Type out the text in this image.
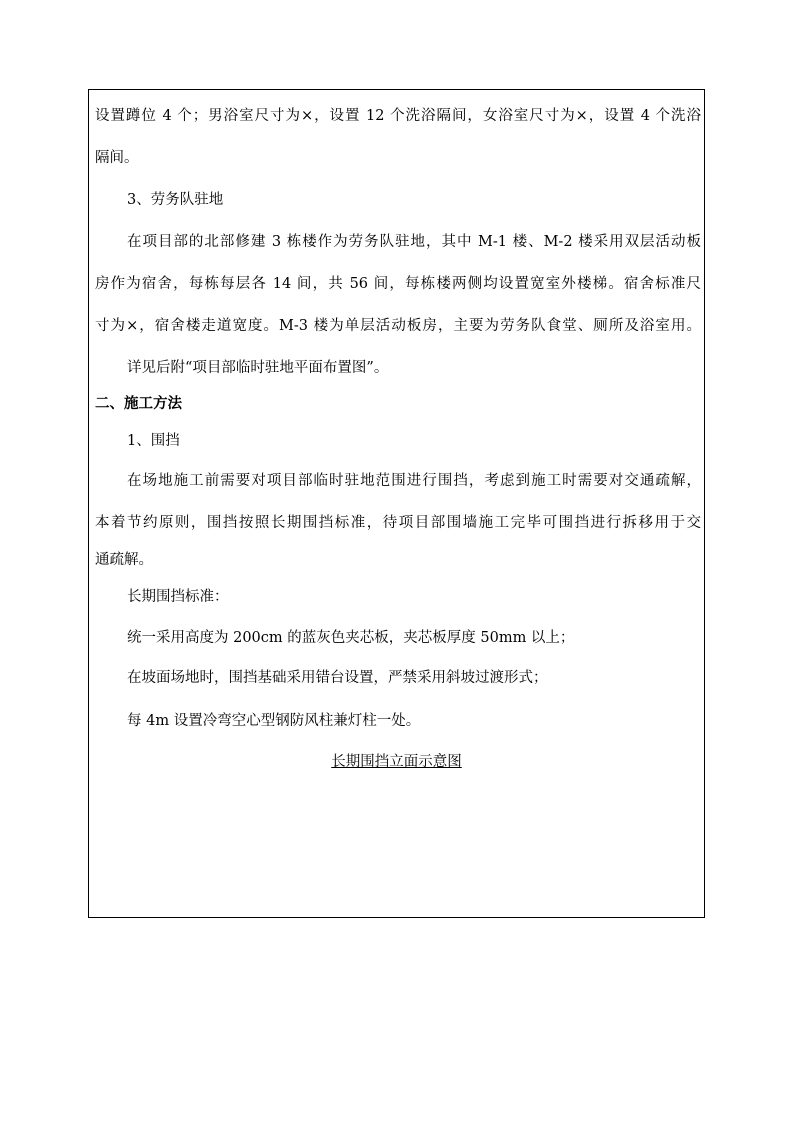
设置蹲位 4 个；男浴室尺寸为×，设置 12 个洗浴隔间，女浴室尺寸为×，设置 4 个洗浴
隔间。
3、劳务队驻地
在项目部的北部修建 3 栋楼作为劳务队驻地，其中 M-1 楼、M-2 楼采用双层活动板
房作为宿舍，每栋每层各 14 间，共 56 间，每栋楼两侧均设置宽室外楼梯。宿舍标准尺
寸为×，宿舍楼走道宽度。M-3 楼为单层活动板房，主要为劳务队食堂、厕所及浴室用。
详见后附“项目部临时驻地平面布置图”。
二、施工方法
1、围挡
在场地施工前需要对项目部临时驻地范围进行围挡，考虑到施工时需要对交通疏解，
本着节约原则，围挡按照长期围挡标准，待项目部围墙施工完毕可围挡进行拆移用于交
通疏解。
长期围挡标准：
统一采用高度为 200cm 的蓝灰色夹芯板，夹芯板厚度 50mm 以上；
在坡面场地时，围挡基础采用错台设置，严禁采用斜坡过渡形式；
每 4m 设置冷弯空心型钢防风柱兼灯柱一处。
长期围挡立面示意图
